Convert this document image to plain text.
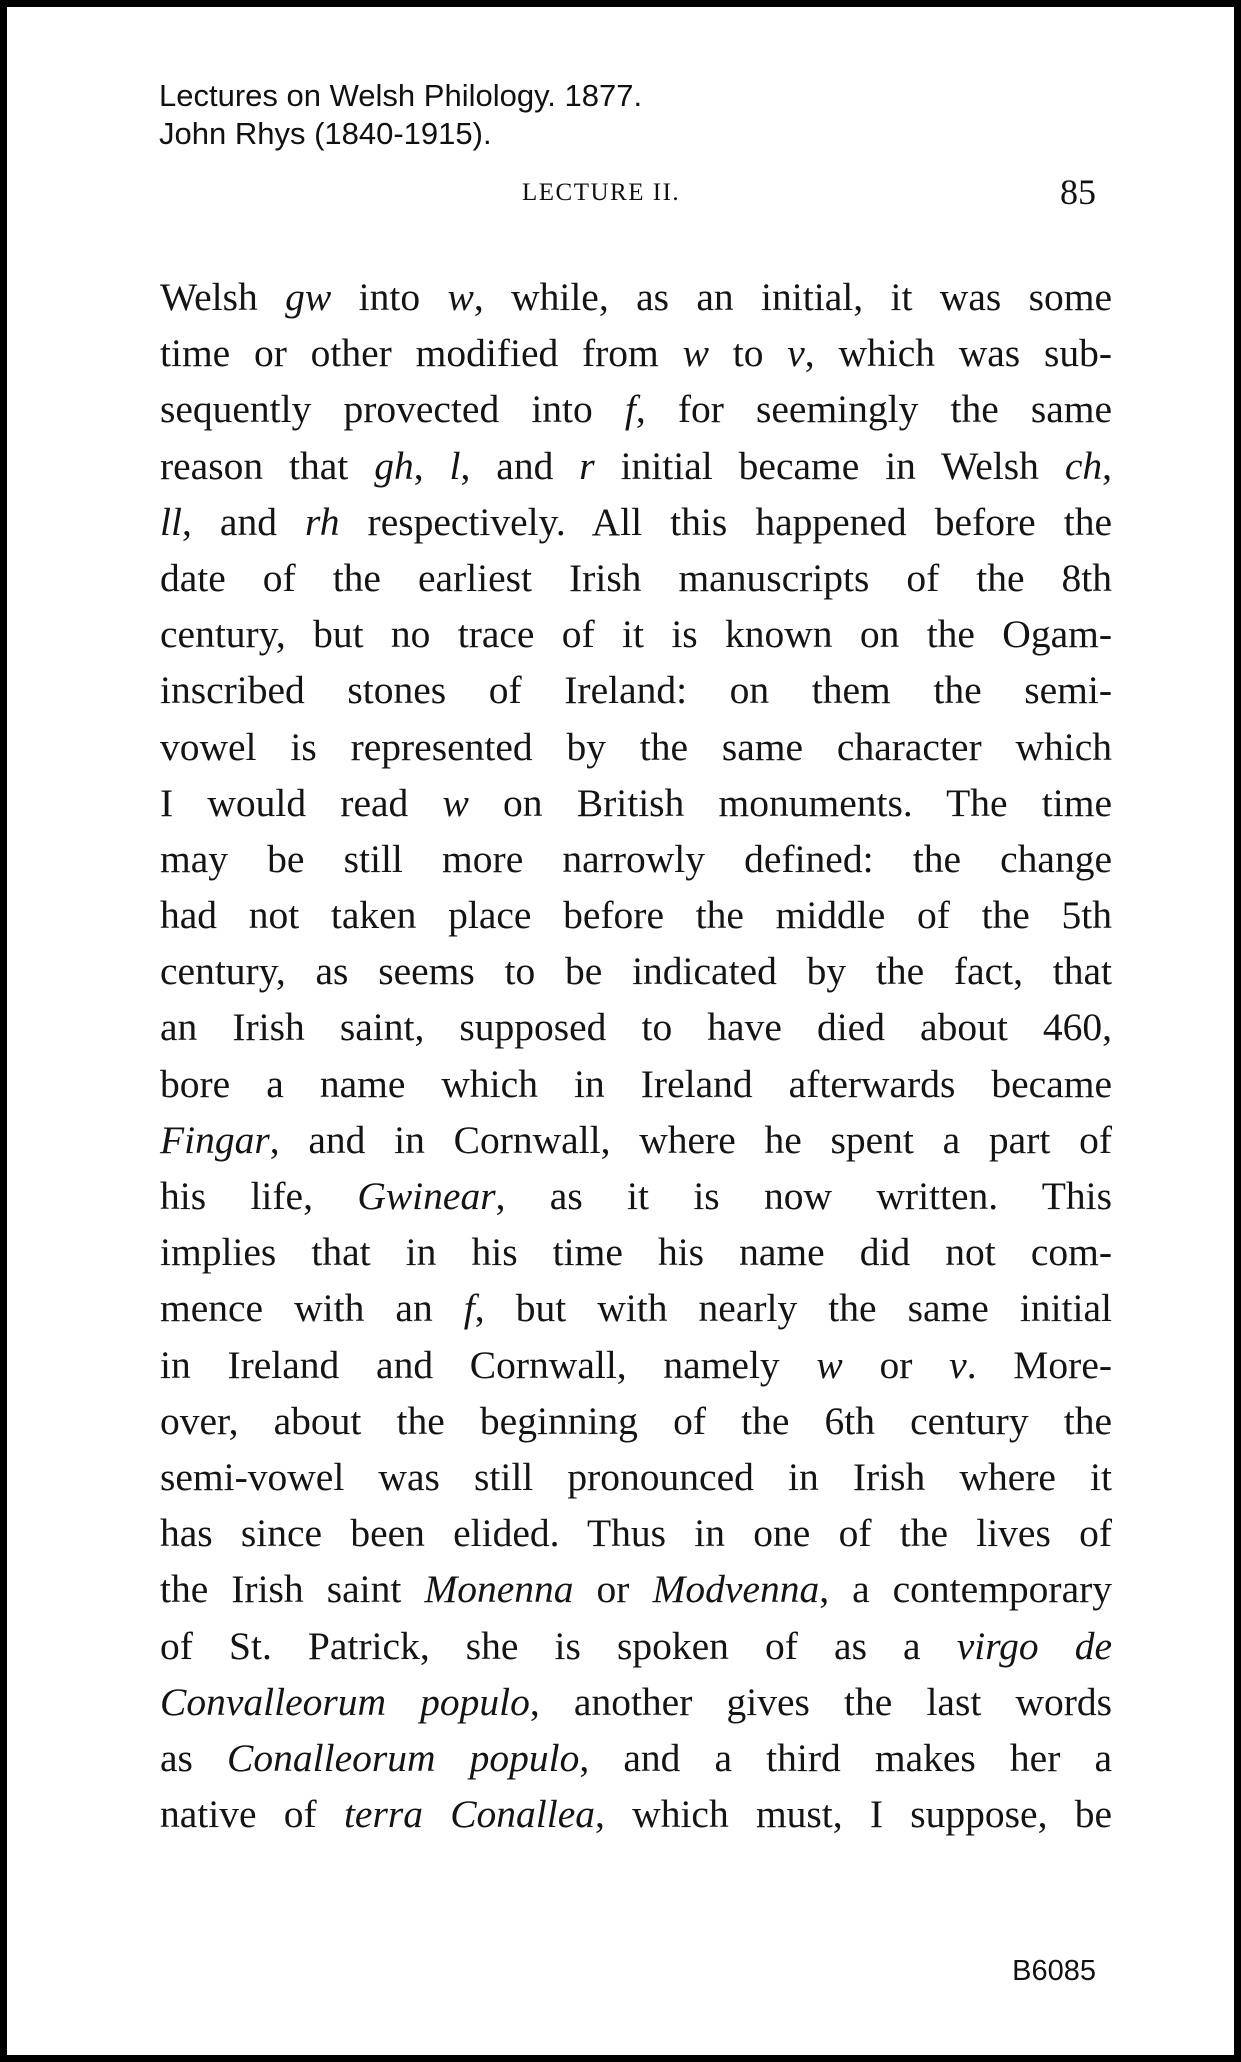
Lectures on Welsh Philology. 1877.
John Rhys (1840-1915).
LECTURE II.	85
Welsh gw into w, while, as an initial, it was some
time or other modified from w to v, which was sub-
sequently provected into f, for seemingly the same
reason that gh, l, and r initial became in Welsh ch,
ll, and rh respectively. All this happened before the
date of the earliest Irish manuscripts of the 8th
century, but no trace of it is known on the Ogam-
inscribed stones of Ireland: on them the semi-
vowel is represented by the same character which
I would read w on British monuments. The time
may be still more narrowly defined: the change
had not taken place before the middle of the 5th
century, as seems to be indicated by the fact, that
an Irish saint, supposed to have died about 460,
bore a name which in Ireland afterwards became
Fingar, and in Cornwall, where he spent a part of
his life, Gwinear, as it is now written. This
implies that in his time his name did not com-
mence with an f, but with nearly the same initial
in Ireland and Cornwall, namely w or v. More-
over, about the beginning of the 6th century the
semi-vowel was still pronounced in Irish where it
has since been elided. Thus in one of the lives of
the Irish saint Monenna or Modvenna, a contemporary
of St. Patrick, she is spoken of as a virgo de
Convalleorum populo, another gives the last words
as Conalleorum populo, and a third makes her a
native of terra Conallea, which must, I suppose, be
B6085
